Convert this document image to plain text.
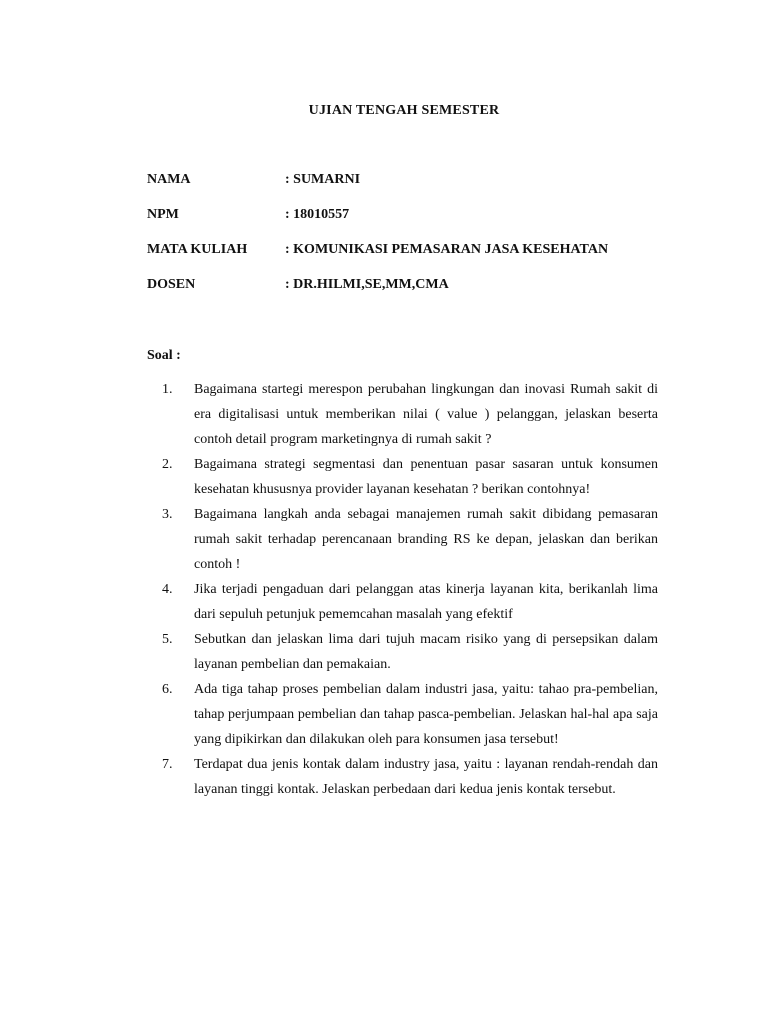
UJIAN TENGAH SEMESTER
NAMA	: SUMARNI
NPM	: 18010557
MATA KULIAH	: KOMUNIKASI PEMASARAN JASA KESEHATAN
DOSEN	: DR.HILMI,SE,MM,CMA
Soal :
1.	Bagaimana startegi merespon perubahan lingkungan dan inovasi Rumah sakit di era digitalisasi untuk memberikan nilai ( value ) pelanggan, jelaskan beserta contoh detail program marketingnya di rumah sakit ?
2.	Bagaimana strategi segmentasi dan penentuan pasar sasaran untuk konsumen kesehatan khususnya provider layanan kesehatan ? berikan contohnya!
3.	Bagaimana langkah anda sebagai manajemen rumah sakit dibidang pemasaran rumah sakit terhadap perencanaan branding RS ke depan, jelaskan dan berikan contoh !
4.	Jika terjadi pengaduan dari pelanggan atas kinerja layanan kita, berikanlah lima dari sepuluh petunjuk pememcahan masalah yang efektif
5.	Sebutkan dan jelaskan lima dari tujuh macam risiko yang di persepsikan dalam layanan pembelian dan pemakaian.
6.	Ada tiga tahap proses pembelian dalam industri jasa, yaitu: tahao pra-pembelian, tahap perjumpaan pembelian dan tahap pasca-pembelian. Jelaskan hal-hal apa saja yang dipikirkan dan dilakukan oleh para konsumen jasa tersebut!
7.	Terdapat dua jenis kontak dalam industry jasa, yaitu : layanan rendah-rendah dan layanan tinggi kontak. Jelaskan perbedaan dari kedua jenis kontak tersebut.
